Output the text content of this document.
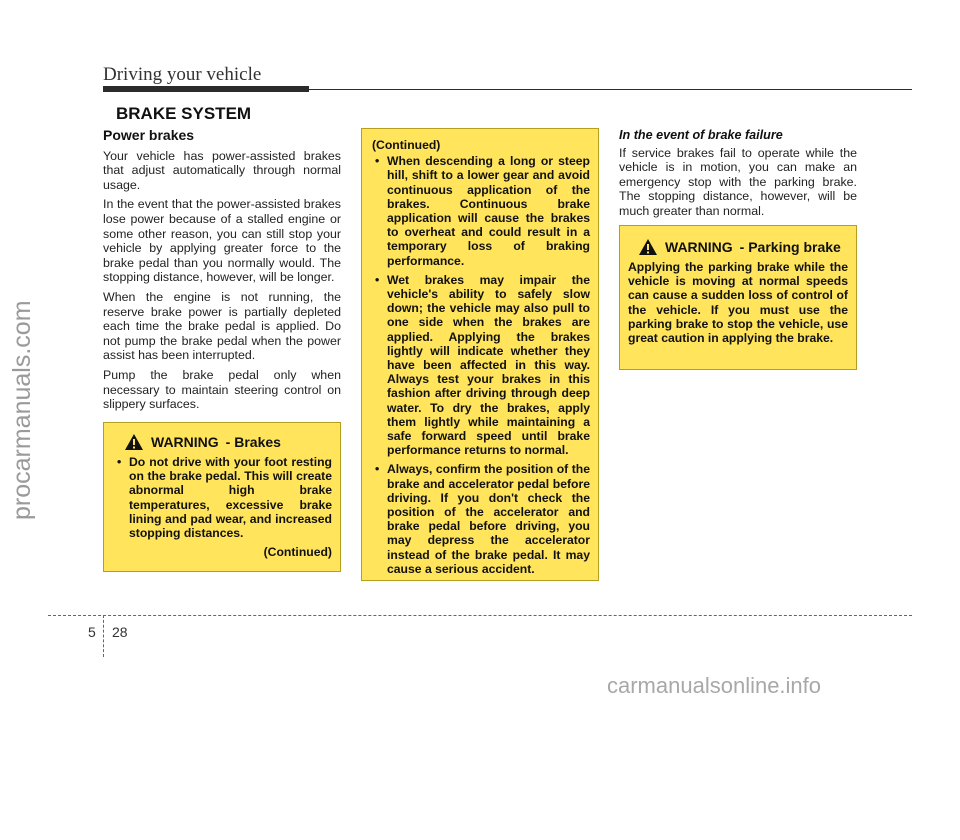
Driving your vehicle
BRAKE SYSTEM
Power brakes

Your vehicle has power-assisted brakes that adjust automatically through normal usage.

In the event that the power-assisted brakes lose power because of a stalled engine or some other reason, you can still stop your vehicle by applying greater force to the brake pedal than you normally would. The stopping distance, however, will be longer.

When the engine is not running, the reserve brake power is partially depleted each time the brake pedal is applied. Do not pump the brake pedal when the power assist has been interrupted.

Pump the brake pedal only when necessary to maintain steering control on slippery surfaces.

WARNING - Brakes
• Do not drive with your foot resting on the brake pedal. This will create abnormal high brake temperatures, excessive brake lining and pad wear, and increased stopping distances.
(Continued)
(Continued)
• When descending a long or steep hill, shift to a lower gear and avoid continuous application of the brakes. Continuous brake application will cause the brakes to overheat and could result in a temporary loss of braking performance.
• Wet brakes may impair the vehicle's ability to safely slow down; the vehicle may also pull to one side when the brakes are applied. Applying the brakes lightly will indicate whether they have been affected in this way. Always test your brakes in this fashion after driving through deep water. To dry the brakes, apply them lightly while maintaining a safe forward speed until brake performance returns to normal.
• Always, confirm the position of the brake and accelerator pedal before driving. If you don't check the position of the accelerator and brake pedal before driving, you may depress the accelerator instead of the brake pedal. It may cause a serious accident.
In the event of brake failure

If service brakes fail to operate while the vehicle is in motion, you can make an emergency stop with the parking brake. The stopping distance, however, will be much greater than normal.

WARNING - Parking brake

Applying the parking brake while the vehicle is moving at normal speeds can cause a sudden loss of control of the vehicle. If you must use the parking brake to stop the vehicle, use great caution in applying the brake.

procarmanuals.com
5 28
carmanualsonline.info
